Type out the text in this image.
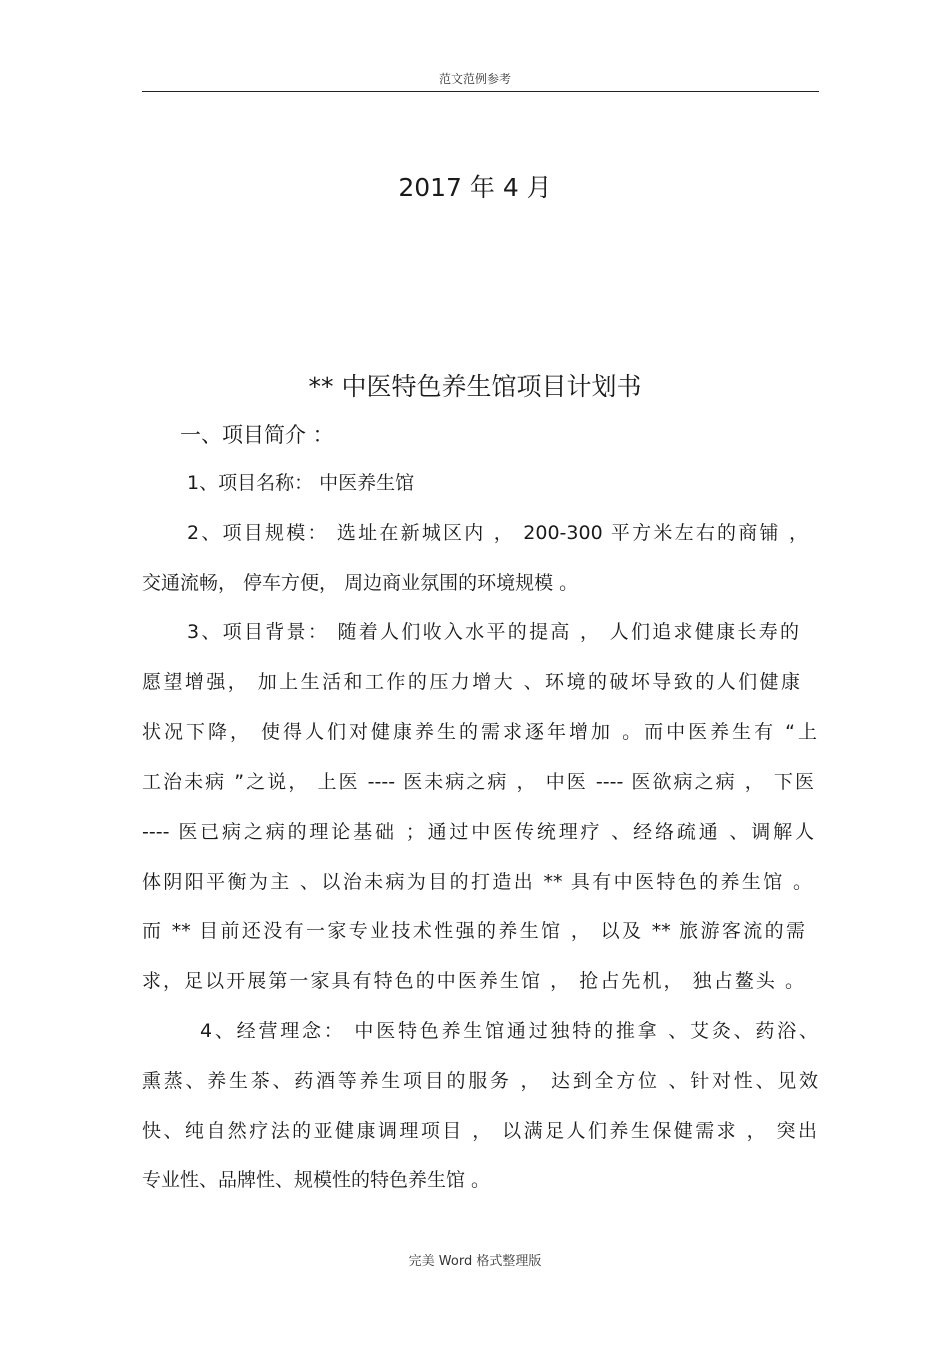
范文范例参考
2017 年 4 月
** 中医特色养生馆项目计划书
一、项目简介 ：
1、项目名称： 中医养生馆
2、项目规模： 选址在新城区内 ， 200-300 平方米左右的商铺 ，
交通流畅， 停车方便， 周边商业氛围的环境规模 。
3、项目背景： 随着人们收入水平的提高 ， 人们追求健康长寿的
愿望增强， 加上生活和工作的压力增大 、环境的破坏导致的人们健康
状况下降， 使得人们对健康养生的需求逐年增加 。而中医养生有 “上
工治未病 ”之说， 上医 ---- 医未病之病 ， 中医 ---- 医欲病之病 ， 下医
---- 医已病之病的理论基础 ；通过中医传统理疗 、经络疏通 、调解人
体阴阳平衡为主 、以治未病为目的打造出 ** 具有中医特色的养生馆 。
而 ** 目前还没有一家专业技术性强的养生馆 ， 以及 ** 旅游客流的需
求，足以开展第一家具有特色的中医养生馆 ， 抢占先机， 独占鳌头 。
4、经营理念： 中医特色养生馆通过独特的推拿 、艾灸、药浴、
熏蒸、养生茶、药酒等养生项目的服务 ， 达到全方位 、针对性、见效
快、纯自然疗法的亚健康调理项目 ， 以满足人们养生保健需求 ， 突出
专业性、品牌性、规模性的特色养生馆 。
完美 Word 格式整理版
